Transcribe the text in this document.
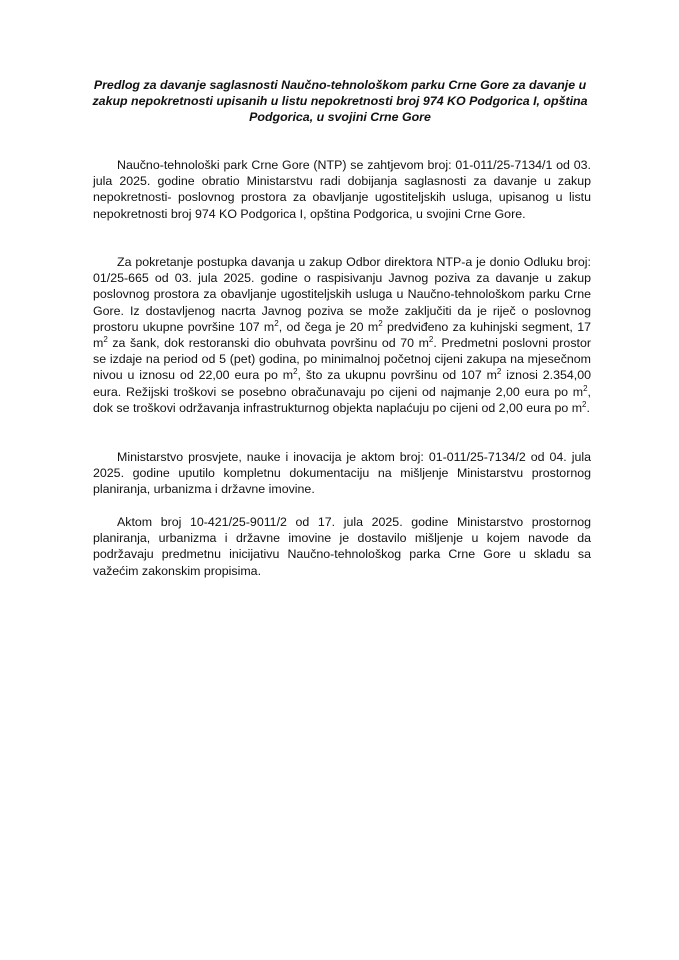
Predlog za davanje saglasnosti Naučno-tehnološkom parku Crne Gore za davanje u zakup nepokretnosti upisanih u listu nepokretnosti broj 974 KO Podgorica I, opština Podgorica, u svojini Crne Gore

Naučno-tehnološki park Crne Gore (NTP) se zahtjevom broj: 01-011/25-7134/1 od 03. jula 2025. godine obratio Ministarstvu radi dobijanja saglasnosti za davanje u zakup nepokretnosti- poslovnog prostora za obavljanje ugostiteljskih usluga, upisanog u listu nepokretnosti broj 974 KO Podgorica I, opština Podgorica, u svojini Crne Gore.

Za pokretanje postupka davanja u zakup Odbor direktora NTP-a je donio Odluku broj: 01/25-665 od 03. jula 2025. godine o raspisivanju Javnog poziva za davanje u zakup poslovnog prostora za obavljanje ugostiteljskih usluga u Naučno-tehnološkom parku Crne Gore. Iz dostavljenog nacrta Javnog poziva se može zaključiti da je riječ o poslovnog prostoru ukupne površine 107 $m^2$, od čega je 20 $m^2$ predviđeno za kuhinjski segment, 17 $m^2$ za šank, dok restoranski dio obuhvata površinu od 70 $m^2$. Predmetni poslovni prostor se izdaje na period od 5 (pet) godina, po minimalnoj početnoj cijeni zakupa na mjesečnom nivou u iznosu od 22,00 eura po $m^2$, što za ukupnu površinu od 107 $m^2$ iznosi 2.354,00 eura. Režijski troškovi se posebno obračunavaju po cijeni od najmanje 2,00 eura po $m^2$, dok se troškovi održavanja infrastrukturnog objekta naplaćuju po cijeni od 2,00 eura po $m^2$.

Ministarstvo prosvjete, nauke i inovacija je aktom broj: 01-011/25-7134/2 od 04. jula 2025. godine uputilo kompletnu dokumentaciju na mišljenje Ministarstvu prostornog planiranja, urbanizma i državne imovine.

Aktom broj 10-421/25-9011/2 od 17. jula 2025. godine Ministarstvo prostornog planiranja, urbanizma i državne imovine je dostavilo mišljenje u kojem navode da podržavaju predmetnu inicijativu Naučno-tehnološkog parka Crne Gore u skladu sa važećim zakonskim propisima.
